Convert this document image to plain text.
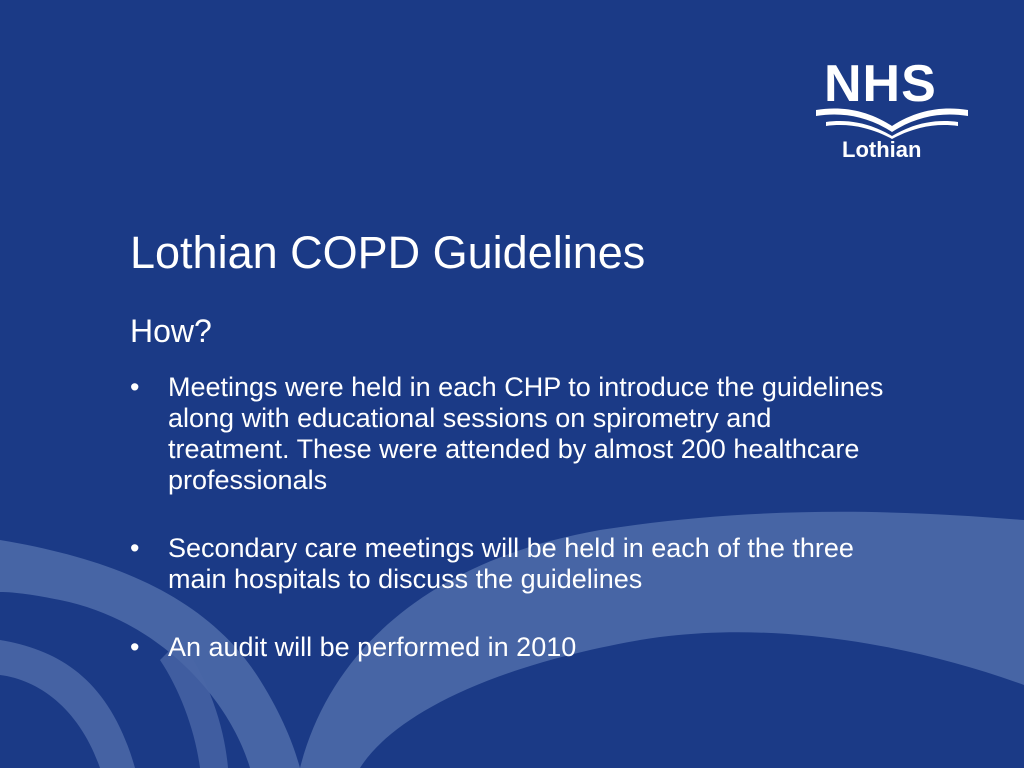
NHS
Lothian
Lothian COPD Guidelines
How?
• Meetings were held in each CHP to introduce the guidelines along with educational sessions on spirometry and treatment. These were attended by almost 200 healthcare professionals
• Secondary care meetings will be held in each of the three main hospitals to discuss the guidelines
• An audit will be performed in 2010
